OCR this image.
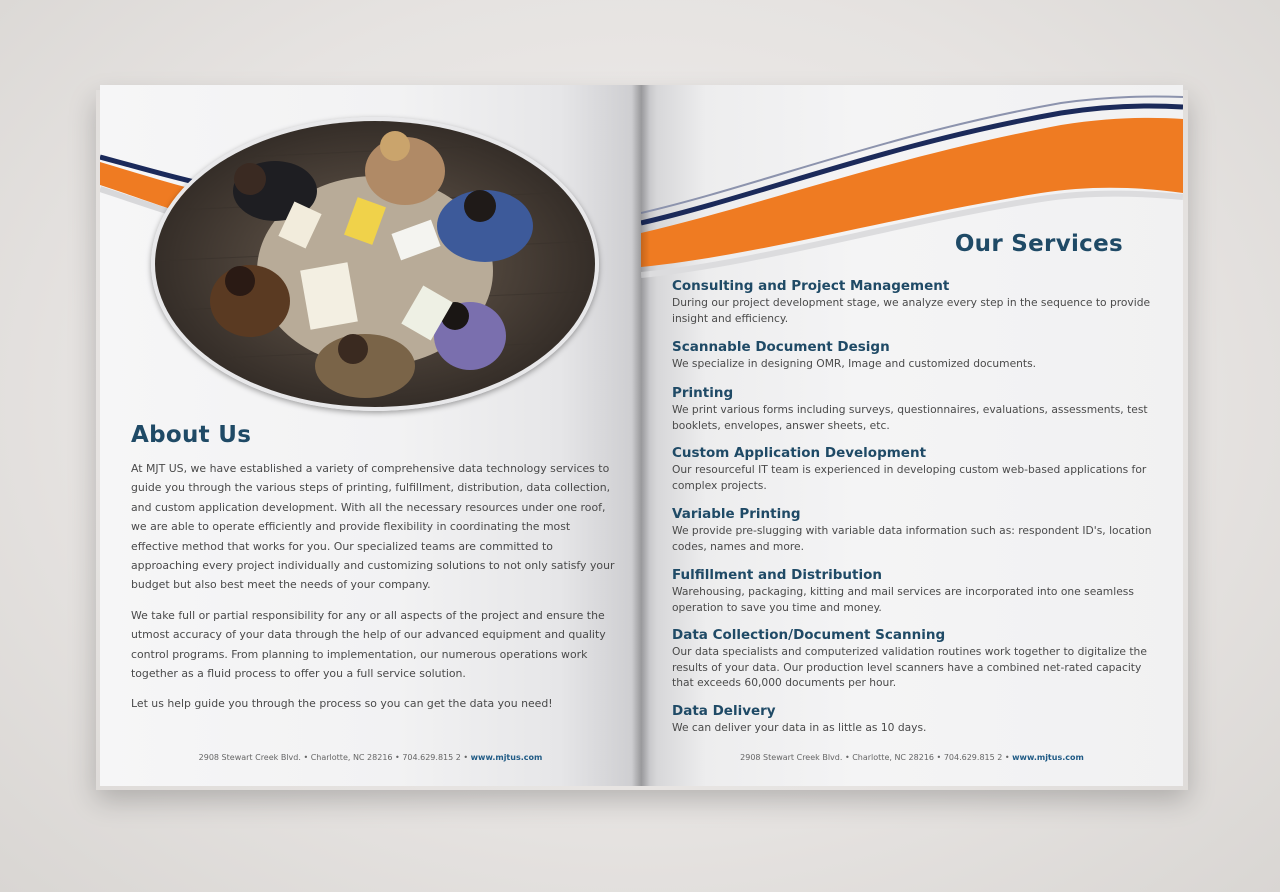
About Us

At MJT US, we have established a variety of comprehensive data technology services to guide you through the various steps of printing, fulfillment, distribution, data collection, and custom application development. With all the necessary resources under one roof, we are able to operate efficiently and provide flexibility in coordinating the most effective method that works for you. Our specialized teams are committed to approaching every project individually and customizing solutions to not only satisfy your budget but also best meet the needs of your company.

We take full or partial responsibility for any or all aspects of the project and ensure the utmost accuracy of your data through the help of our advanced equipment and quality control programs. From planning to implementation, our numerous operations work together as a fluid process to offer you a full service solution.

Let us help guide you through the process so you can get the data you need!

2908 Stewart Creek Blvd. • Charlotte, NC 28216 • 704.629.815 2 • www.mjtus.com
Our Services
Consulting and Project Management

During our project development stage, we analyze every step in the sequence to provide insight and efficiency.

Scannable Document Design

We specialize in designing OMR, Image and customized documents.

Printing

We print various forms including surveys, questionnaires, evaluations, assessments, test booklets, envelopes, answer sheets, etc.

Custom Application Development

Our resourceful IT team is experienced in developing custom web-based applications for complex projects.

Variable Printing

We provide pre-slugging with variable data information such as: respondent ID's, location codes, names and more.

Fulfillment and Distribution

Warehousing, packaging, kitting and mail services are incorporated into one seamless operation to save you time and money.

Data Collection/Document Scanning

Our data specialists and computerized validation routines work together to digitalize the results of your data. Our production level scanners have a combined net-rated capacity that exceeds 60,000 documents per hour.

Data Delivery

We can deliver your data in as little as 10 days.

2908 Stewart Creek Blvd. • Charlotte, NC 28216 • 704.629.815 2 • www.mjtus.com
